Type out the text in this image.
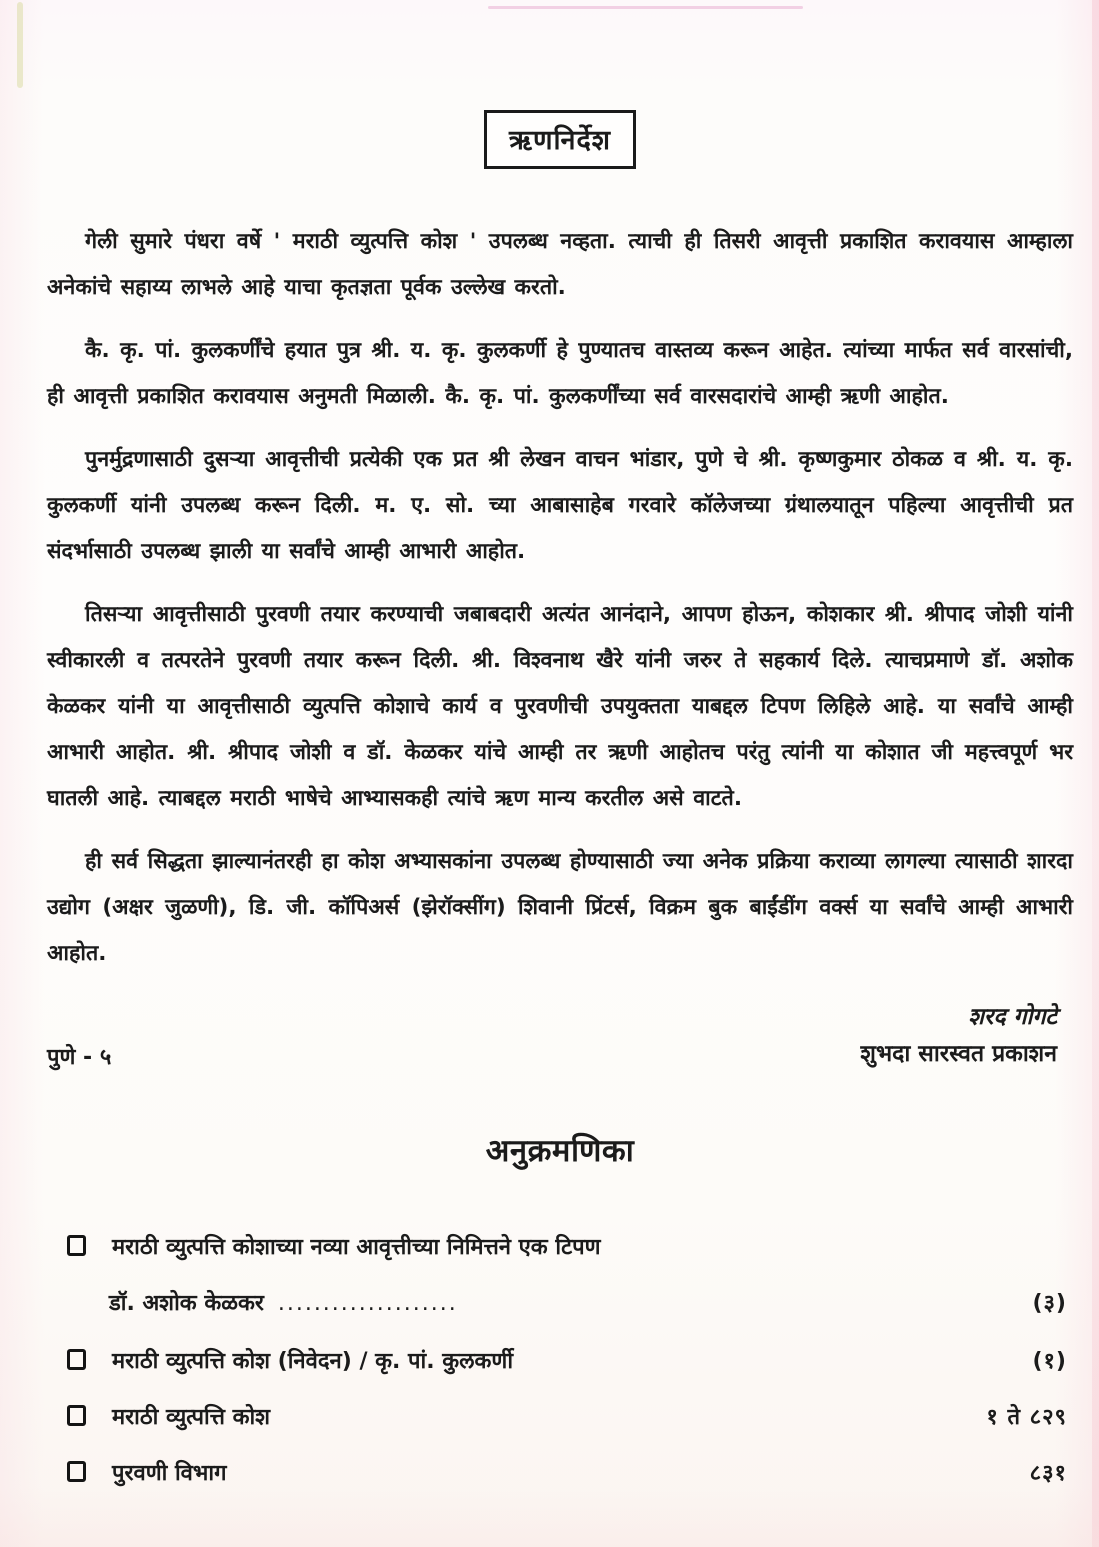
ऋणनिर्देश

गेली सुमारे पंधरा वर्षे ' मराठी व्युत्पत्ति कोश ' उपलब्ध नव्हता. त्याची ही तिसरी आवृत्ती प्रकाशित करावयास आम्हाला अनेकांचे सहाय्य लाभले आहे याचा कृतज्ञता पूर्वक उल्लेख करतो.

कै. कृ. पां. कुलकर्णींचे हयात पुत्र श्री. य. कृ. कुलकर्णी हे पुण्यातच वास्तव्य करून आहेत. त्यांच्या मार्फत सर्व वारसांची, ही आवृत्ती प्रकाशित करावयास अनुमती मिळाली. कै. कृ. पां. कुलकर्णींच्या सर्व वारसदारांचे आम्ही ऋणी आहोत.

पुनर्मुद्रणासाठी दुसऱ्या आवृत्तीची प्रत्येकी एक प्रत श्री लेखन वाचन भांडार, पुणे चे श्री. कृष्णकुमार ठोकळ व श्री. य. कृ. कुलकर्णी यांनी उपलब्ध करून दिली. म. ए. सो. च्या आबासाहेब गरवारे कॉलेजच्या ग्रंथालयातून पहिल्या आवृत्तीची प्रत संदर्भासाठी उपलब्ध झाली या सर्वांचे आम्ही आभारी आहोत.

तिसऱ्या आवृत्तीसाठी पुरवणी तयार करण्याची जबाबदारी अत्यंत आनंदाने, आपण होऊन, कोशकार श्री. श्रीपाद जोशी यांनी स्वीकारली व तत्परतेने पुरवणी तयार करून दिली. श्री. विश्वनाथ खैरे यांनी जरुर ते सहकार्य दिले. त्याचप्रमाणे डॉ. अशोक केळकर यांनी या आवृत्तीसाठी व्युत्पत्ति कोशाचे कार्य व पुरवणीची उपयुक्तता याबद्दल टिपण लिहिले आहे. या सर्वांचे आम्ही आभारी आहोत. श्री. श्रीपाद जोशी व डॉ. केळकर यांचे आम्ही तर ऋणी आहोतच परंतु त्यांनी या कोशात जी महत्त्वपूर्ण भर घातली आहे. त्याबद्दल मराठी भाषेचे आभ्यासकही त्यांचे ऋण मान्य करतील असे वाटते.

ही सर्व सिद्धता झाल्यानंतरही हा कोश अभ्यासकांना उपलब्ध होण्यासाठी ज्या अनेक प्रक्रिया कराव्या लागल्या त्यासाठी शारदा उद्योग (अक्षर जुळणी), डि. जी. कॉपिअर्स (झेरॉक्सींग) शिवानी प्रिंटर्स, विक्रम बुक बाईंडींग वर्क्स या सर्वांचे आम्ही आभारी आहोत.

पुणे - ५
शरद गोगटे
शुभदा सारस्वत प्रकाशन
अनुक्रमणिका
मराठी व्युत्पत्ति कोशाच्या नव्या आवृत्तीच्या निमित्तने एक टिपण
डॉ. अशोक केळकर ....................	(३)
मराठी व्युत्पत्ति कोश (निवेदन) / कृ. पां. कुलकर्णी	(१)
मराठी व्युत्पत्ति कोश	१ ते ८२९
पुरवणी विभाग	८३१
